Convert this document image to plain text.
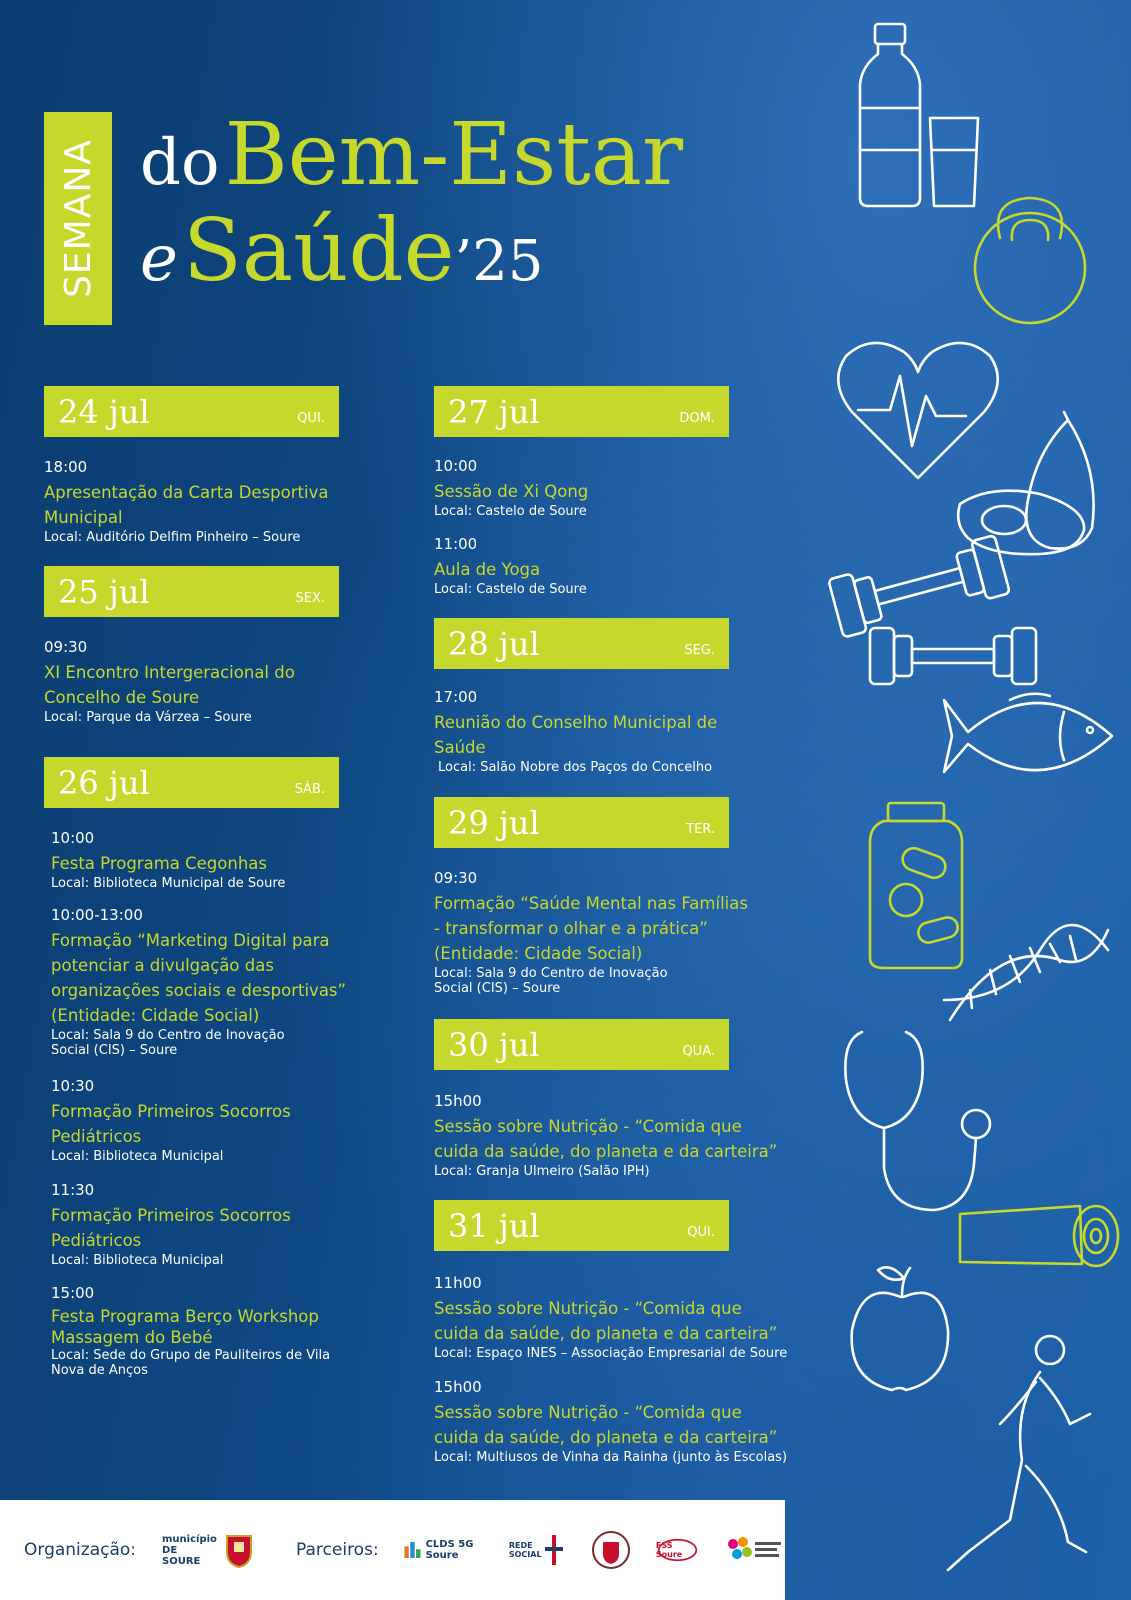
SEMANA do Bem-Estar
e Saúde’25
24 jul	QUI.
18:00
Apresentação da Carta Desportiva Municipal
Local: Auditório Delfim Pinheiro – Soure
25 jul	SEX.
09:30
XI Encontro Intergeracional do Concelho de Soure
Local: Parque da Várzea – Soure
26 jul	SÁB.
10:00
Festa Programa Cegonhas
Local: Biblioteca Municipal de Soure
10:00-13:00
Formação “Marketing Digital para potenciar a divulgação das organizações sociais e desportivas” (Entidade: Cidade Social)
Local: Sala 9 do Centro de Inovação Social (CIS) – Soure
10:30
Formação Primeiros Socorros Pediátricos
Local: Biblioteca Municipal
11:30
Formação Primeiros Socorros Pediátricos
Local: Biblioteca Municipal
15:00
Festa Programa Berço Workshop Massagem do Bebé
Local: Sede do Grupo de Pauliteiros de Vila Nova de Anços
27 jul	DOM.
10:00
Sessão de Xi Qong
Local: Castelo de Soure
11:00
Aula de Yoga
Local: Castelo de Soure
28 jul	SEG.
17:00
Reunião do Conselho Municipal de Saúde
Local: Salão Nobre dos Paços do Concelho
29 jul	TER.
09:30
Formação “Saúde Mental nas Famílias - transformar o olhar e a prática” (Entidade: Cidade Social)
Local: Sala 9 do Centro de Inovação Social (CIS) – Soure
30 jul	QUA.
15h00
Sessão sobre Nutrição - “Comida que cuida da saúde, do planeta e da carteira”
Local: Granja Ulmeiro (Salão IPH)
31 jul	QUI.
11h00
Sessão sobre Nutrição - “Comida que cuida da saúde, do planeta e da carteira”
Local: Espaço INES – Associação Empresarial de Soure
15h00
Sessão sobre Nutrição - “Comida que cuida da saúde, do planeta e da carteira”
Local: Multiusos de Vinha da Rainha (junto às Escolas)
Organização:
município DE SOURE
Parceiros:	CLDS 5G Soure
REDE SOCIAL
FSS Soure
